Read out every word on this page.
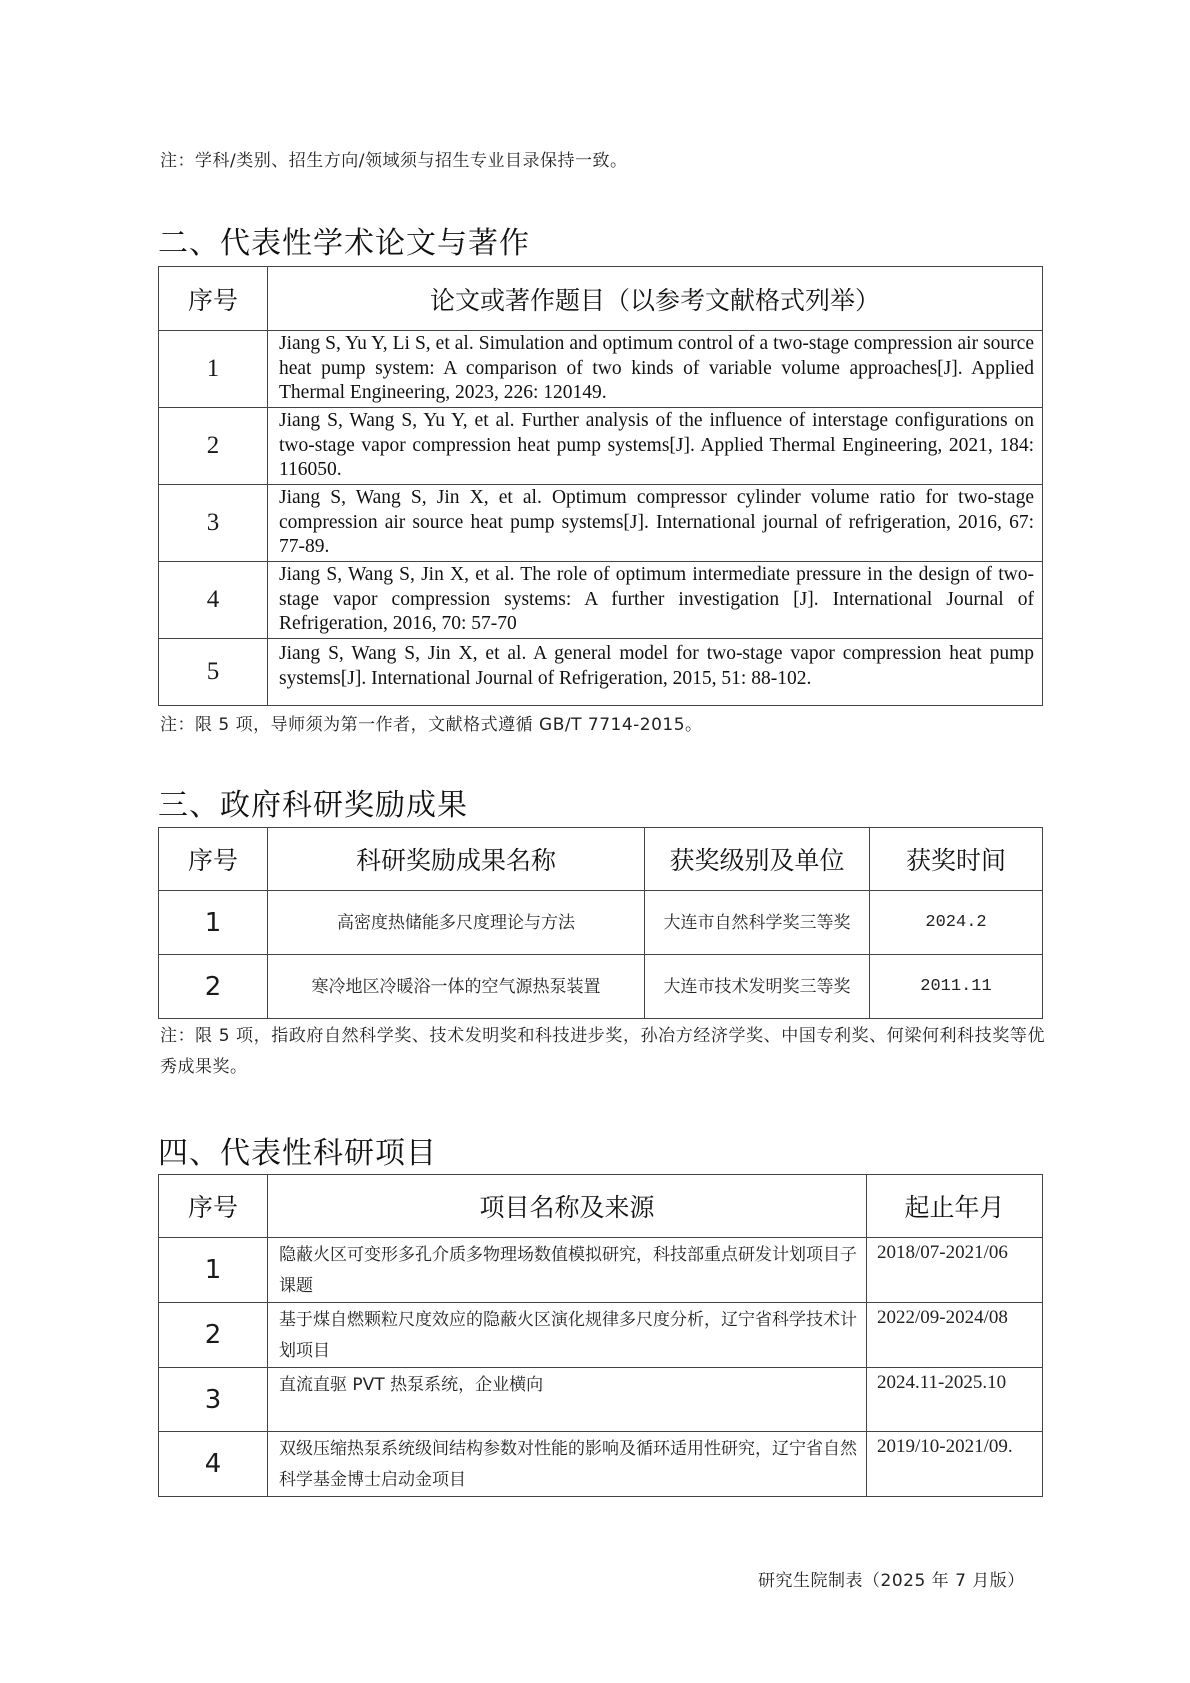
注：学科/类别、招生方向/领域须与招生专业目录保持一致。
二、代表性学术论文与著作
序号	论文或著作题目（以参考文献格式列举）
1	Jiang S, Yu Y, Li S, et al. Simulation and optimum control of a two-stage compression air source heat pump system: A comparison of two kinds of variable volume approaches[J]. Applied Thermal Engineering, 2023, 226: 120149.
2	Jiang S, Wang S, Yu Y, et al. Further analysis of the influence of interstage configurations on two-stage vapor compression heat pump systems[J]. Applied Thermal Engineering, 2021, 184: 116050.
3	Jiang S, Wang S, Jin X, et al. Optimum compressor cylinder volume ratio for two-stage compression air source heat pump systems[J]. International journal of refrigeration, 2016, 67: 77-89.
4	Jiang S, Wang S, Jin X, et al. The role of optimum intermediate pressure in the design of two-stage vapor compression systems: A further investigation [J]. International Journal of Refrigeration, 2016, 70: 57-70
5	Jiang S, Wang S, Jin X, et al. A general model for two-stage vapor compression heat pump systems[J]. International Journal of Refrigeration, 2015, 51: 88-102.
注：限 5 项，导师须为第一作者，文献格式遵循 GB/T 7714-2015。
三、政府科研奖励成果
序号	科研奖励成果名称	获奖级别及单位	获奖时间
1	高密度热储能多尺度理论与方法	大连市自然科学奖三等奖	2024.2
2	寒冷地区冷暖浴一体的空气源热泵装置	大连市技术发明奖三等奖	2011.11
注：限 5 项，指政府自然科学奖、技术发明奖和科技进步奖，孙冶方经济学奖、中国专利奖、何梁何利科技奖等优秀成果奖。
四、代表性科研项目
序号	项目名称及来源	起止年月
1	隐蔽火区可变形多孔介质多物理场数值模拟研究，科技部重点研发计划项目子课题	2018/07-2021/06
2	基于煤自燃颗粒尺度效应的隐蔽火区演化规律多尺度分析，辽宁省科学技术计划项目	2022/09-2024/08
3	直流直驱 PVT 热泵系统，企业横向	2024.11-2025.10
4	双级压缩热泵系统级间结构参数对性能的影响及循环适用性研究，辽宁省自然科学基金博士启动金项目	2019/10-2021/09.
研究生院制表（2025 年 7 月版）
